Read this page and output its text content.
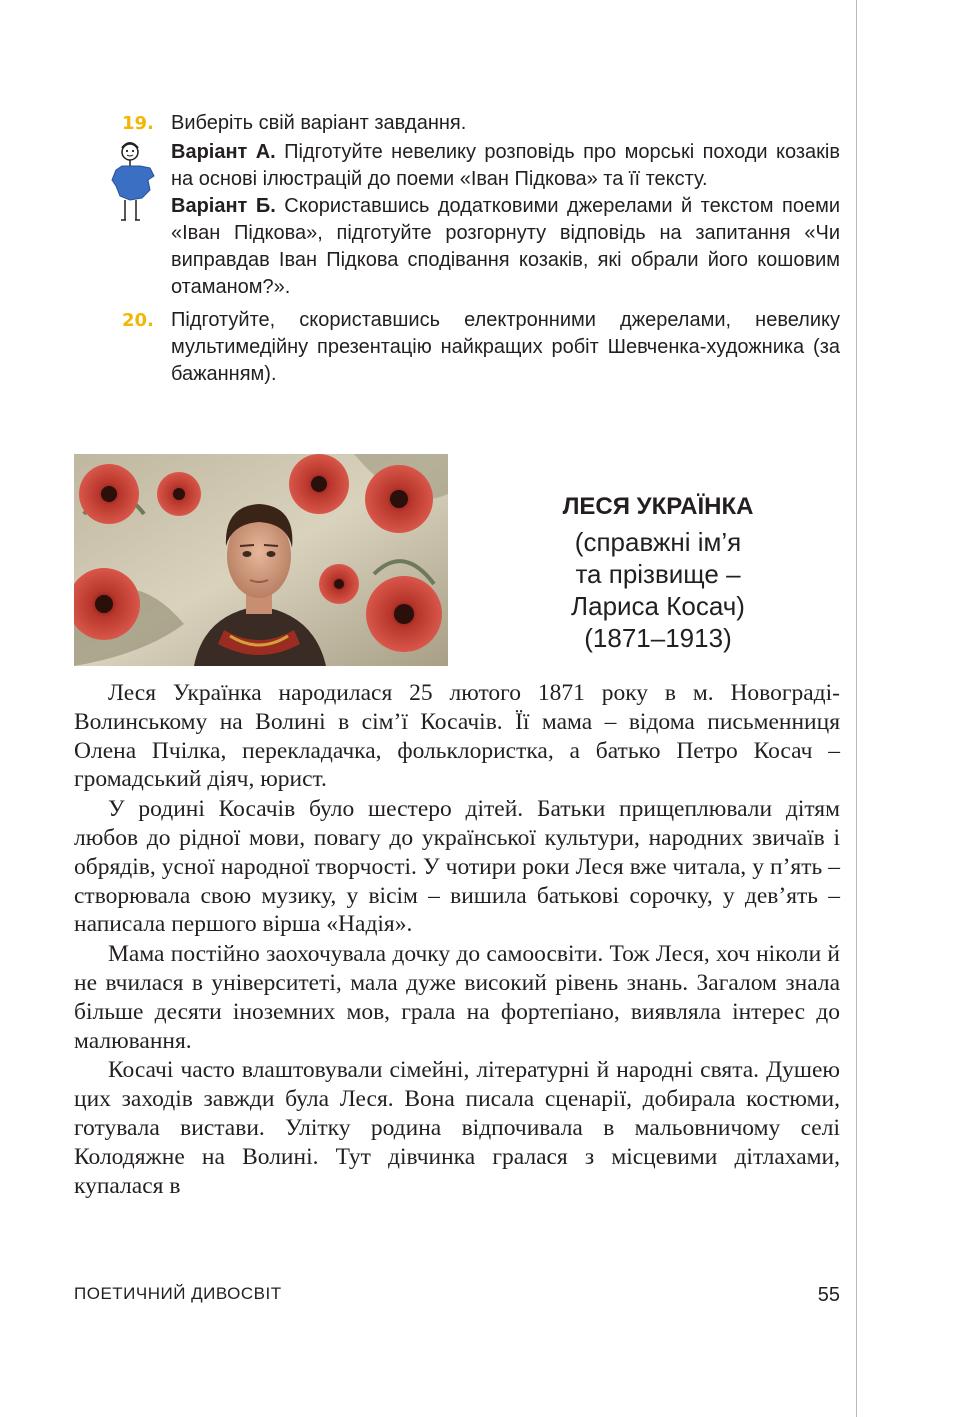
19. Виберіть свій варіант завдання.

Варіант А. Підготуйте невелику розповідь про морські походи козаків на основі ілюстрацій до поеми «Іван Підкова» та її тексту.

Варіант Б. Скориставшись додатковими джерелами й текстом поеми «Іван Підкова», підготуйте розгорнуту відповідь на запитання «Чи виправдав Іван Підкова сподівання козаків, які обрали його кошовим отаманом?».

20. Підготуйте, скориставшись електронними джерелами, невелику мультимедійну презентацію найкращих робіт Шевченка-художника (за бажанням).

ЛЕСЯ УКРАЇНКА

(справжні ім’я

та прізвище –

Лариса Косач)

(1871–1913)

Леся Українка народилася 25 лютого 1871 року в м. Новограді-Волинському на Волині в сім’ї Косачів. Її мама – відома письменниця Олена Пчілка, перекладачка, фольклористка, а батько Петро Косач – громадський діяч, юрист.

У родині Косачів було шестеро дітей. Батьки прищеплювали дітям любов до рідної мови, повагу до української культури, народних звичаїв і обрядів, усної народної творчості. У чотири роки Леся вже читала, у п’ять – створювала свою музику, у вісім – вишила батькові сорочку, у дев’ять – написала першого вірша «Надія».

Мама постійно заохочувала дочку до самоосвіти. Тож Леся, хоч ніколи й не вчилася в університеті, мала дуже високий рівень знань. Загалом знала більше десяти іноземних мов, грала на фортепіано, виявляла інтерес до малювання.

Косачі часто влаштовували сімейні, літературні й народні свята. Душею цих заходів завжди була Леся. Вона писала сценарії, добирала костюми, готувала вистави. Улітку родина відпочивала в мальовничому селі Колодяжне на Волині. Тут дівчинка гралася з місцевими дітлахами, купалася в

ПОЕТИЧНИЙ ДИВОСВІТ	55
